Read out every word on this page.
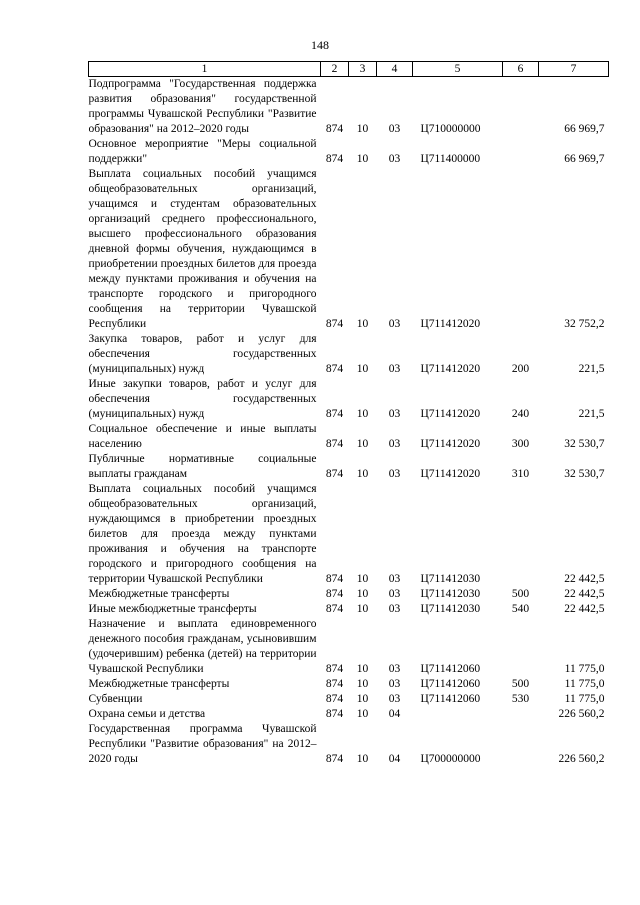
148
1	2	3	4	5	6	7
Подпрограмма "Государственная поддержка развития образования" государственной программы Чувашской Республики "Развитие образования" на 2012–2020 годы	874	10	03	Ц710000000		66 969,7
Основное мероприятие "Меры социальной поддержки"	874	10	03	Ц711400000		66 969,7
Выплата социальных пособий учащимся общеобразовательных организаций, учащимся и студентам образовательных организаций среднего профессионального, высшего профессионального образования дневной формы обучения, нуждающимся в приобретении проездных билетов для проезда между пунктами проживания и обучения на транспорте городского и пригородного сообщения на территории Чувашской Республики	874	10	03	Ц711412020		32 752,2
Закупка товаров, работ и услуг для обеспечения государственных (муниципальных) нужд	874	10	03	Ц711412020	200	221,5
Иные закупки товаров, работ и услуг для обеспечения государственных (муниципальных) нужд	874	10	03	Ц711412020	240	221,5
Социальное обеспечение и иные выплаты населению	874	10	03	Ц711412020	300	32 530,7
Публичные нормативные социальные выплаты гражданам	874	10	03	Ц711412020	310	32 530,7
Выплата социальных пособий учащимся общеобразовательных организаций, нуждающимся в приобретении проездных билетов для проезда между пунктами проживания и обучения на транспорте городского и пригородного сообщения на территории Чувашской Республики	874	10	03	Ц711412030		22 442,5
Межбюджетные трансферты	874	10	03	Ц711412030	500	22 442,5
Иные межбюджетные трансферты	874	10	03	Ц711412030	540	22 442,5
Назначение и выплата единовременного денежного пособия гражданам, усыновившим (удочерившим) ребенка (детей) на территории Чувашской Республики	874	10	03	Ц711412060		11 775,0
Межбюджетные трансферты	874	10	03	Ц711412060	500	11 775,0
Субвенции	874	10	03	Ц711412060	530	11 775,0
Охрана семьи и детства	874	10	04			226 560,2
Государственная программа Чувашской Республики "Развитие образования" на 2012–2020 годы	874	10	04	Ц700000000		226 560,2
